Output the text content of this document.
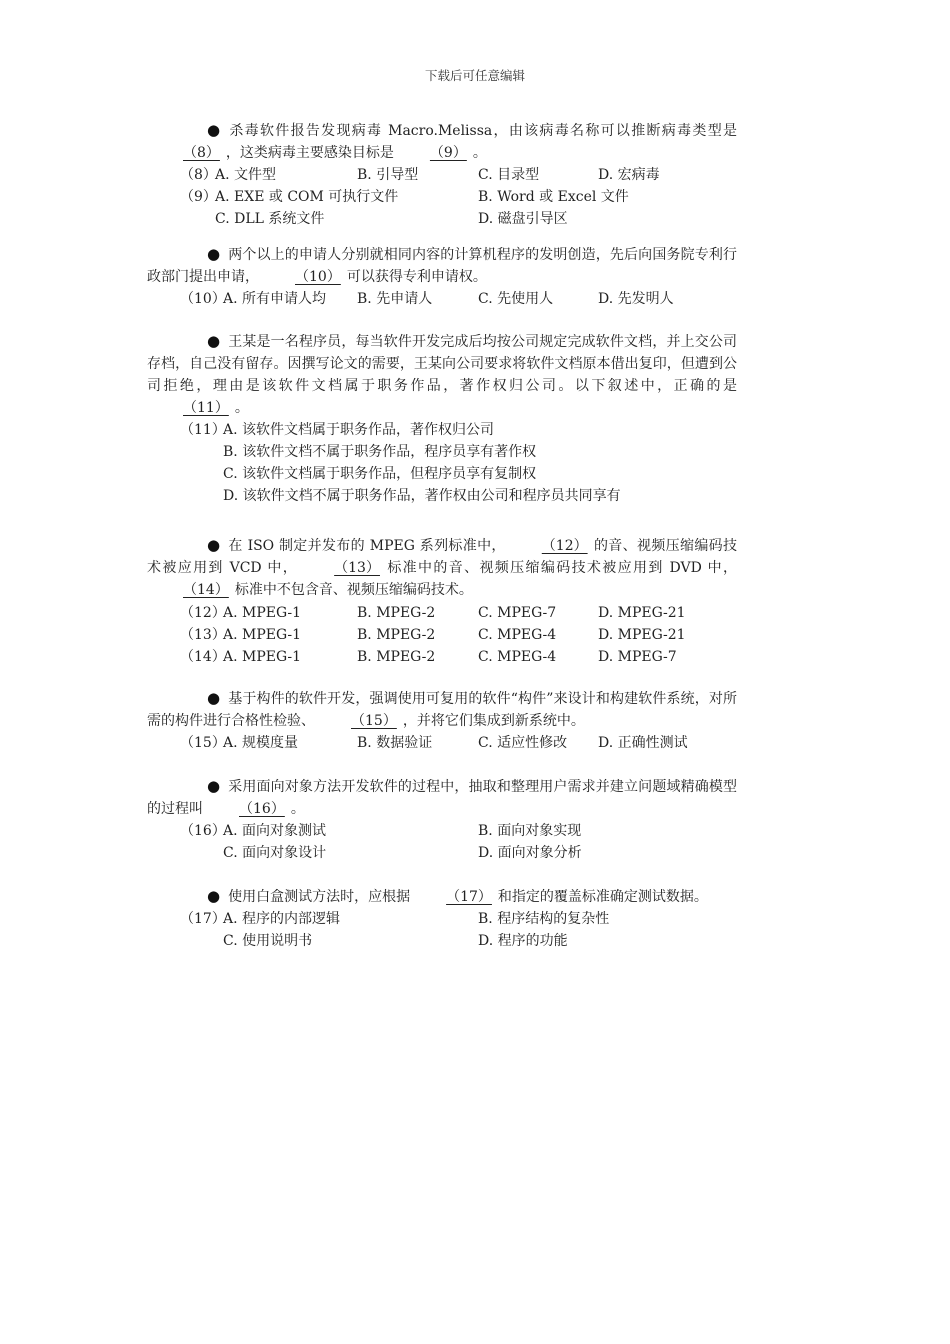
下载后可任意编辑
● 杀毒软件报告发现病毒 Macro.Melissa，由该病毒名称可以推断病毒类型是（8） ，这类病毒主要感染目标是	（9） 。
（8）
A. 文件型	B. 引导型	C. 目录型	D. 宏病毒
（9）
A. EXE 或 COM 可执行文件	B. Word 或 Excel 文件
C. DLL 系统文件	D. 磁盘引导区
● 两个以上的申请人分别就相同内容的计算机程序的发明创造，先后向国务院专利行政部门提出申请，	（10） 可以获得专利申请权。
（10）
A. 所有申请人均 B. 先申请人	C. 先使用人	D. 先发明人
● 王某是一名程序员，每当软件开发完成后均按公司规定完成软件文档，并上交公司存档，自己没有留存。因撰写论文的需要，王某向公司要求将软件文档原本借出复印，但遭到公司拒绝，理由是该软件文档属于职务作品，著作权归公司。以下叙述中，正确的是（11） 。
（11）
A. 该软件文档属于职务作品，著作权归公司
B. 该软件文档不属于职务作品，程序员享有著作权
C. 该软件文档属于职务作品，但程序员享有复制权
D. 该软件文档不属于职务作品，著作权由公司和程序员共同享有
● 在 ISO 制定并发布的 MPEG 系列标准中，	（12） 的音、视频压缩编码技术被应用到 VCD 中，	（13） 标准中的音、视频压缩编码技术被应用到 DVD 中，（14） 标准中不包含音、视频压缩编码技术。
（12）
A. MPEG-1	B. MPEG-2	C. MPEG-7	D. MPEG-21
（13）
A. MPEG-1	B. MPEG-2	C. MPEG-4	D. MPEG-21
（14）
A. MPEG-1	B. MPEG-2	C. MPEG-4	D. MPEG-7
● 基于构件的软件开发，强调使用可复用的软件“构件”来设计和构建软件系统，对所需的构件进行合格性检验、	（15） ，并将它们集成到新系统中。
（15）
A. 规模度量	B. 数据验证	C. 适应性修改 D. 正确性测试
● 采用面向对象方法开发软件的过程中，抽取和整理用户需求并建立问题域精确模型的过程叫	（16） 。
（16）
A. 面向对象测试	B. 面向对象实现
C. 面向对象设计	D. 面向对象分析
● 使用白盒测试方法时，应根据	（17） 和指定的覆盖标准确定测试数据。
（17）
A. 程序的内部逻辑	B. 程序结构的复杂性
C. 使用说明书	D. 程序的功能
